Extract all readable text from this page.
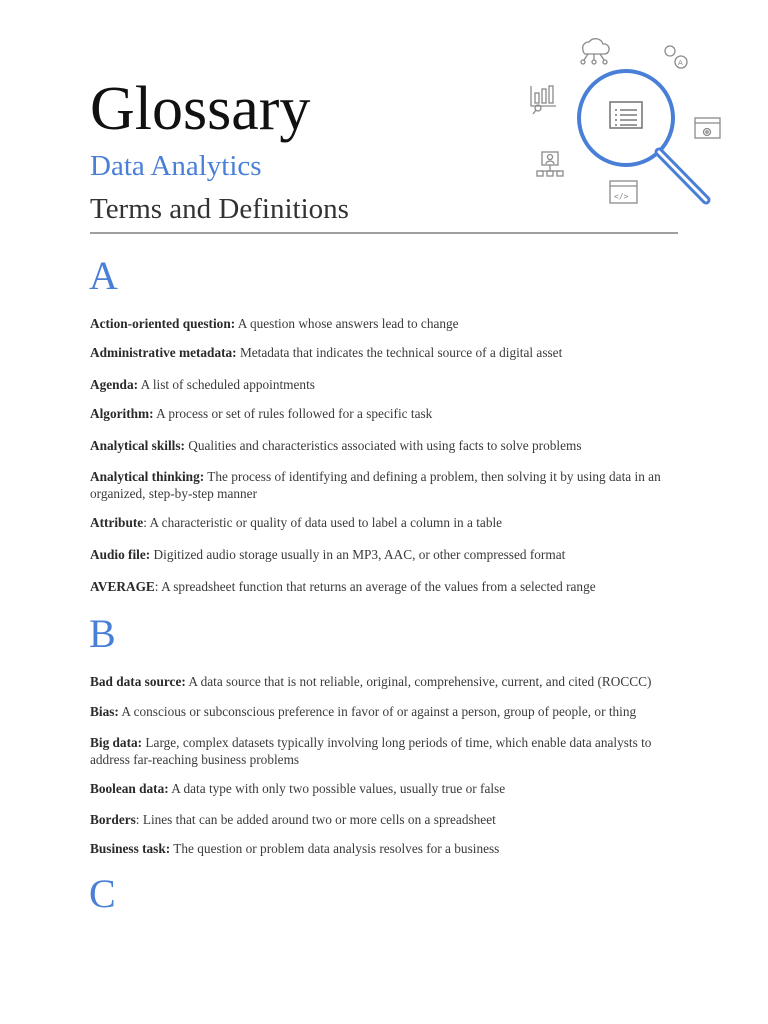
Glossary
Data Analytics
Terms and Definitions
A
</>
A
Action-oriented question: A question whose answers lead to change
Administrative metadata: Metadata that indicates the technical source of a digital asset
Agenda: A list of scheduled appointments
Algorithm: A process or set of rules followed for a specific task
Analytical skills: Qualities and characteristics associated with using facts to solve problems
Analytical thinking: The process of identifying and defining a problem, then solving it by using data in an organized, step-by-step manner
Attribute: A characteristic or quality of data used to label a column in a table
Audio file: Digitized audio storage usually in an MP3, AAC, or other compressed format
AVERAGE: A spreadsheet function that returns an average of the values from a selected range
B
Bad data source: A data source that is not reliable, original, comprehensive, current, and cited (ROCCC)
Bias: A conscious or subconscious preference in favor of or against a person, group of people, or thing
Big data: Large, complex datasets typically involving long periods of time, which enable data analysts to address far-reaching business problems
Boolean data: A data type with only two possible values, usually true or false
Borders: Lines that can be added around two or more cells on a spreadsheet
Business task: The question or problem data analysis resolves for a business
C
